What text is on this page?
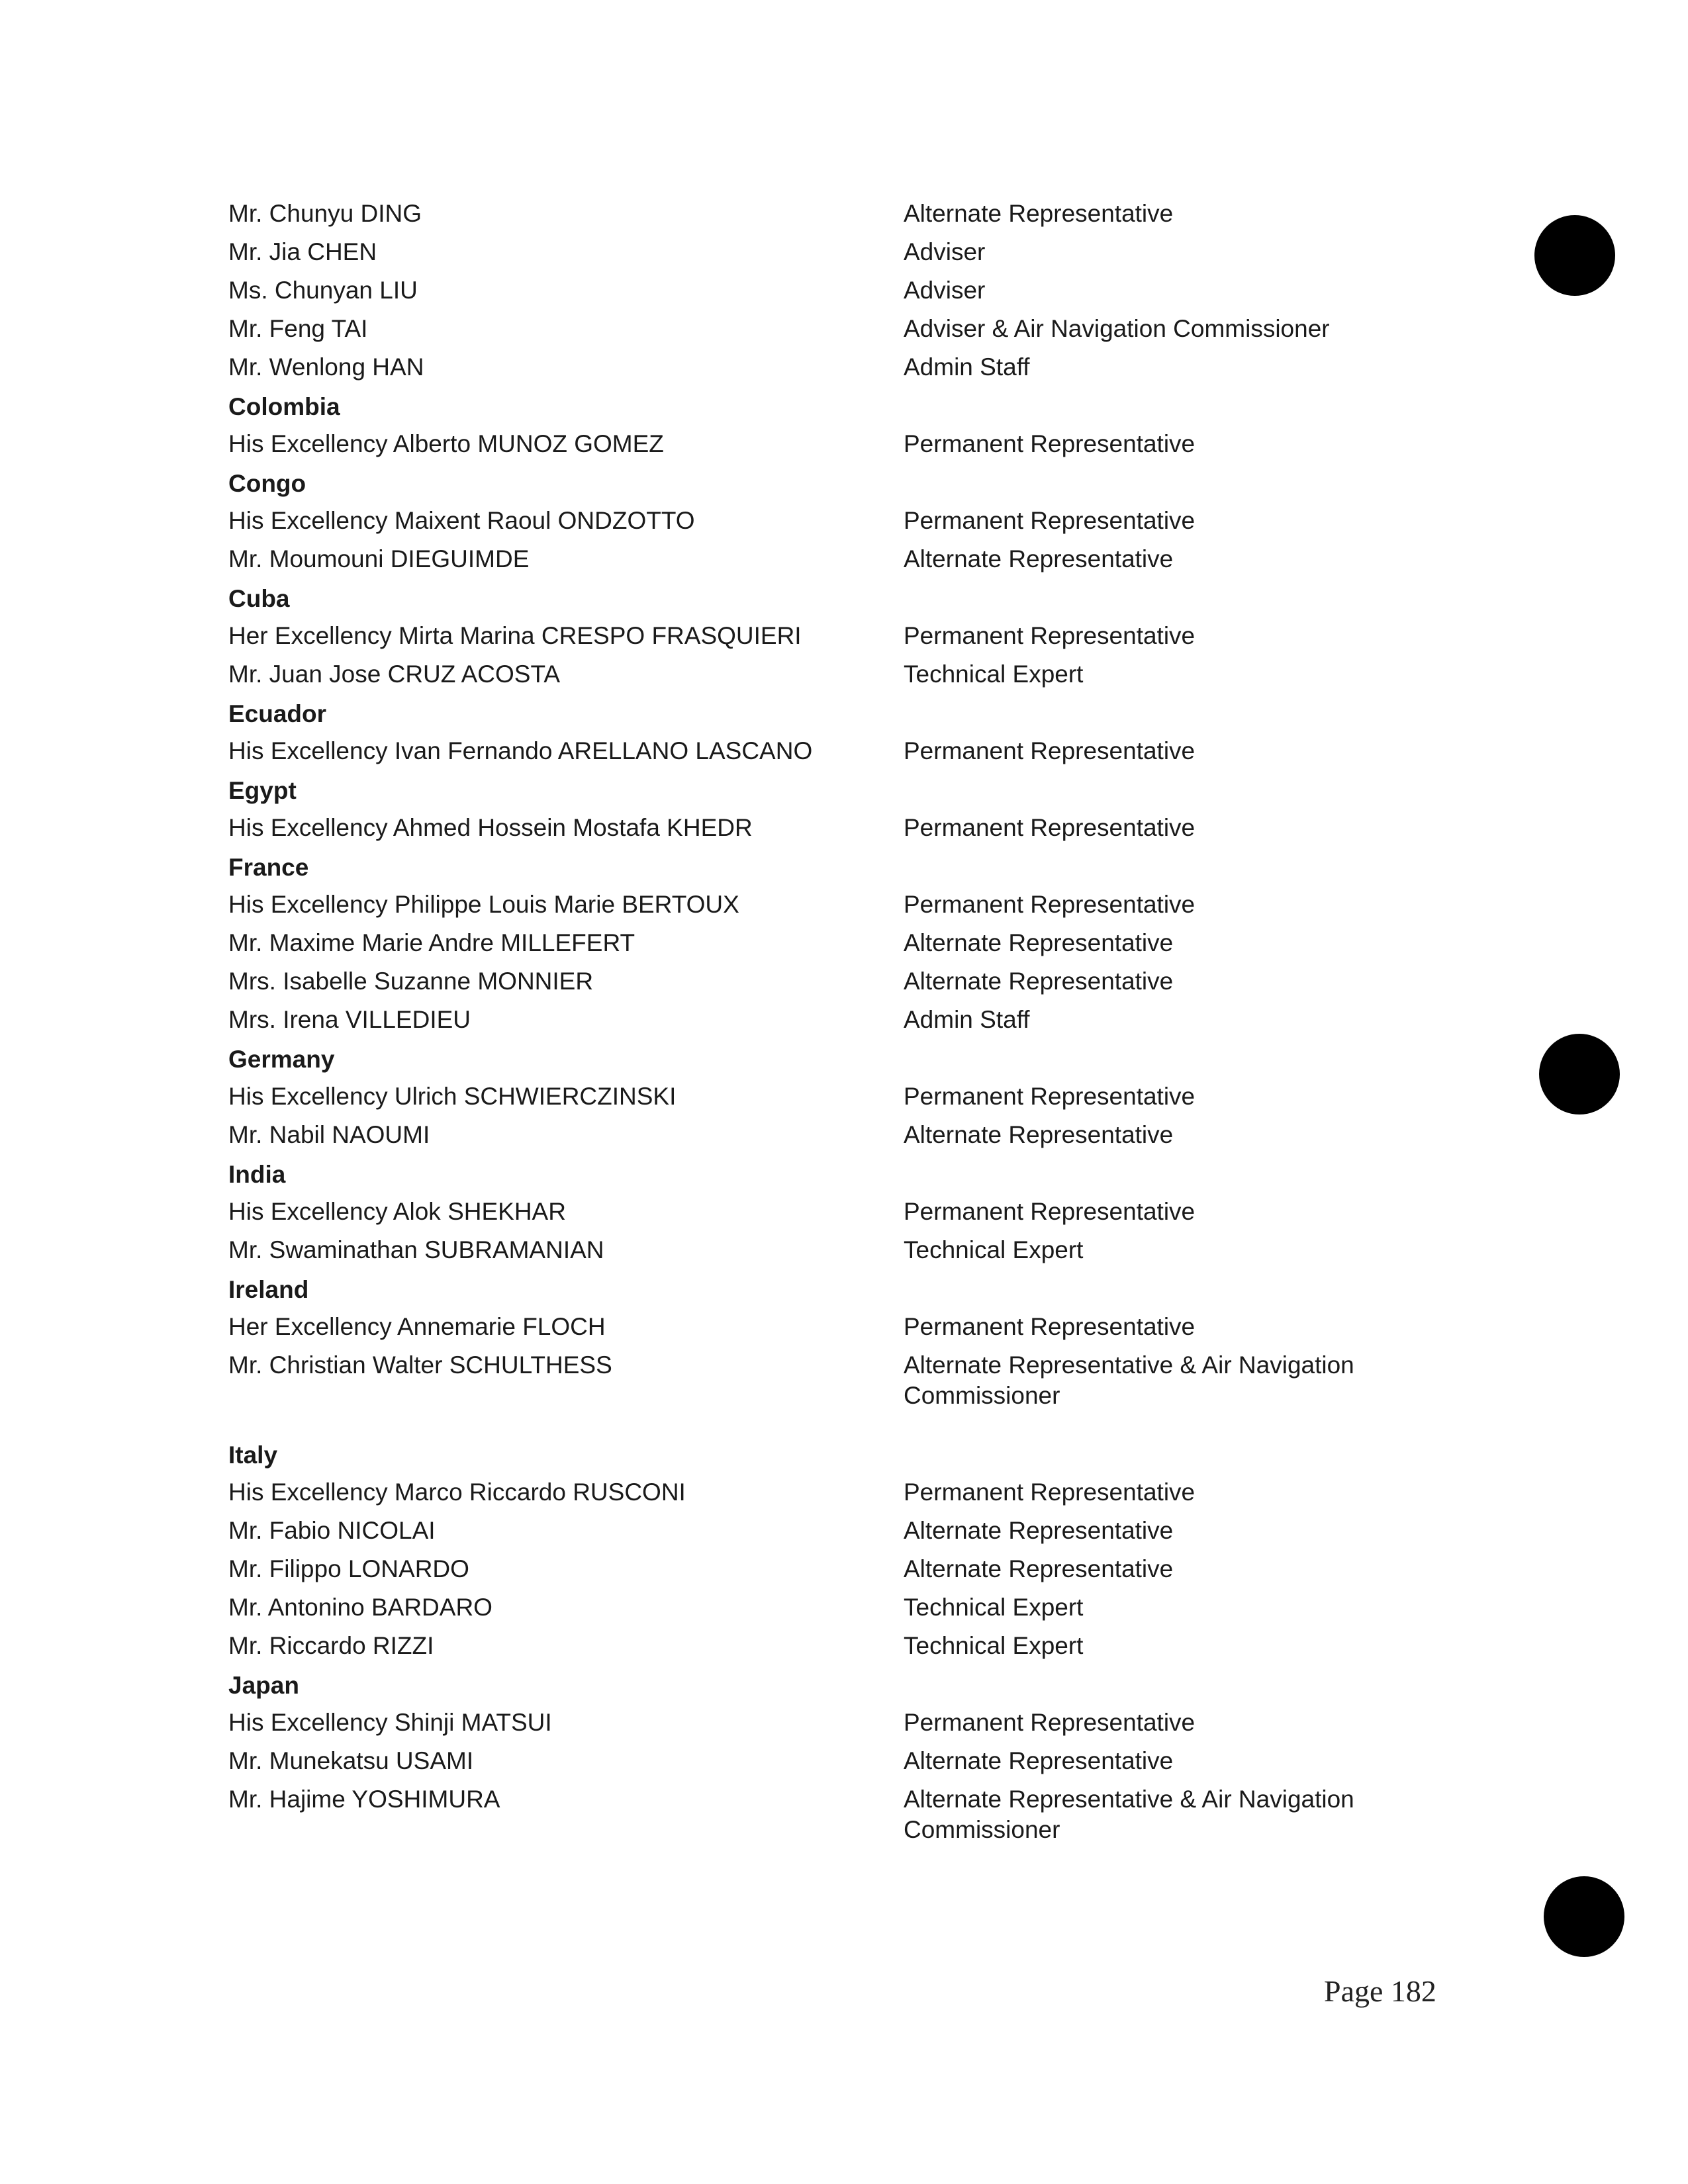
Mr. Chunyu DING	Alternate Representative
Mr. Jia CHEN	Adviser
Ms. Chunyan LIU	Adviser
Mr. Feng TAI	Adviser & Air Navigation Commissioner
Mr. Wenlong HAN	Admin Staff
Colombia
His Excellency Alberto MUNOZ GOMEZ	Permanent Representative
Congo
His Excellency Maixent Raoul ONDZOTTO	Permanent Representative
Mr. Moumouni DIEGUIMDE	Alternate Representative
Cuba
Her Excellency Mirta Marina CRESPO FRASQUIERI	Permanent Representative
Mr. Juan Jose CRUZ ACOSTA	Technical Expert
Ecuador
His Excellency Ivan Fernando ARELLANO LASCANO	Permanent Representative
Egypt
His Excellency Ahmed Hossein Mostafa KHEDR	Permanent Representative
France
His Excellency Philippe Louis Marie BERTOUX	Permanent Representative
Mr. Maxime Marie Andre MILLEFERT	Alternate Representative
Mrs. Isabelle Suzanne MONNIER	Alternate Representative
Mrs. Irena VILLEDIEU	Admin Staff
Germany
His Excellency Ulrich SCHWIERCZINSKI	Permanent Representative
Mr. Nabil NAOUMI	Alternate Representative
India
His Excellency Alok SHEKHAR	Permanent Representative
Mr. Swaminathan SUBRAMANIAN	Technical Expert
Ireland
Her Excellency Annemarie FLOCH	Permanent Representative
Mr. Christian Walter SCHULTHESS	Alternate Representative & Air Navigation Commissioner
Italy
His Excellency Marco Riccardo RUSCONI	Permanent Representative
Mr. Fabio NICOLAI	Alternate Representative
Mr. Filippo LONARDO	Alternate Representative
Mr. Antonino BARDARO	Technical Expert
Mr. Riccardo RIZZI	Technical Expert
Japan
His Excellency Shinji MATSUI	Permanent Representative
Mr. Munekatsu USAMI	Alternate Representative
Mr. Hajime YOSHIMURA	Alternate Representative & Air Navigation Commissioner
Page 182
